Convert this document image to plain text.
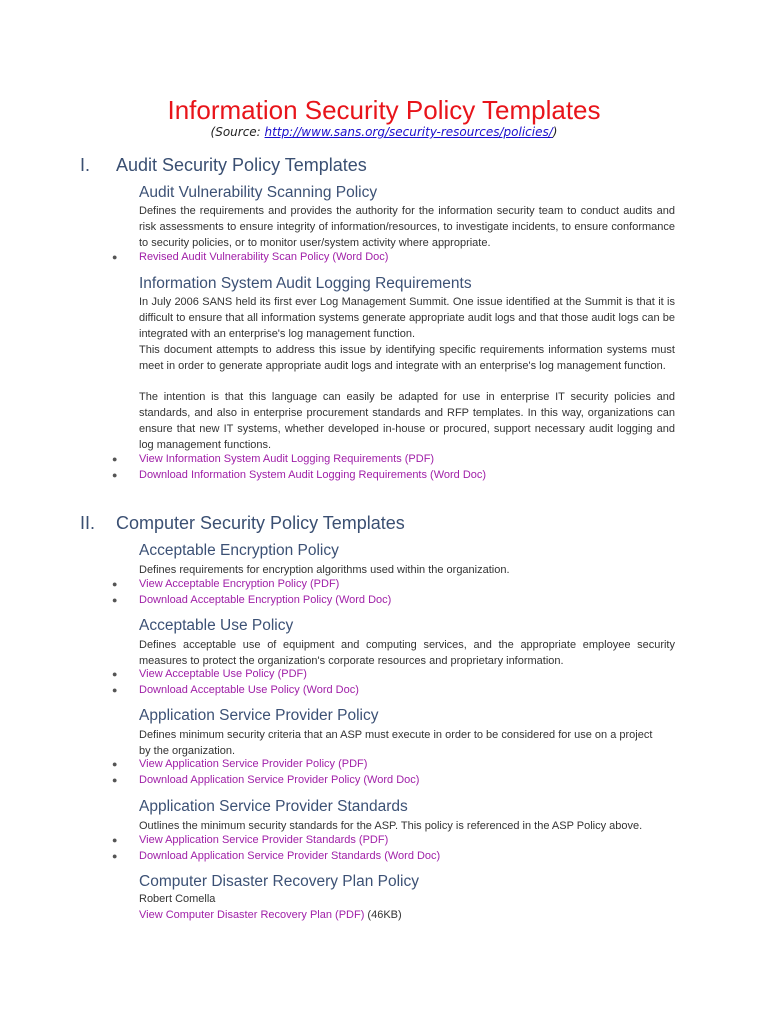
Information Security Policy Templates
(Source: http://www.sans.org/security-resources/policies/)
I. Audit Security Policy Templates
Audit Vulnerability Scanning Policy

Defines the requirements and provides the authority for the information security team to conduct audits and risk assessments to ensure integrity of information/resources, to investigate incidents, to ensure conformance to security policies, or to monitor user/system activity where appropriate.

● Revised Audit Vulnerability Scan Policy (Word Doc)
Information System Audit Logging Requirements

In July 2006 SANS held its first ever Log Management Summit. One issue identified at the Summit is that it is difficult to ensure that all information systems generate appropriate audit logs and that those audit logs can be integrated with an enterprise's log management function.

This document attempts to address this issue by identifying specific requirements information systems must meet in order to generate appropriate audit logs and integrate with an enterprise's log management function.

The intention is that this language can easily be adapted for use in enterprise IT security policies and standards, and also in enterprise procurement standards and RFP templates. In this way, organizations can ensure that new IT systems, whether developed in-house or procured, support necessary audit logging and log management functions.

● View Information System Audit Logging Requirements (PDF)
● Download Information System Audit Logging Requirements (Word Doc)
II. Computer Security Policy Templates
Acceptable Encryption Policy

Defines requirements for encryption algorithms used within the organization.

● View Acceptable Encryption Policy (PDF)
● Download Acceptable Encryption Policy (Word Doc)
Acceptable Use Policy

Defines acceptable use of equipment and computing services, and the appropriate employee security measures to protect the organization's corporate resources and proprietary information.

● View Acceptable Use Policy (PDF)
● Download Acceptable Use Policy (Word Doc)
Application Service Provider Policy

Defines minimum security criteria that an ASP must execute in order to be considered for use on a project by the organization.

● View Application Service Provider Policy (PDF)
● Download Application Service Provider Policy (Word Doc)
Application Service Provider Standards

Outlines the minimum security standards for the ASP. This policy is referenced in the ASP Policy above.

● View Application Service Provider Standards (PDF)
● Download Application Service Provider Standards (Word Doc)
Computer Disaster Recovery Plan Policy
Robert Comella
View Computer Disaster Recovery Plan (PDF) (46KB)
